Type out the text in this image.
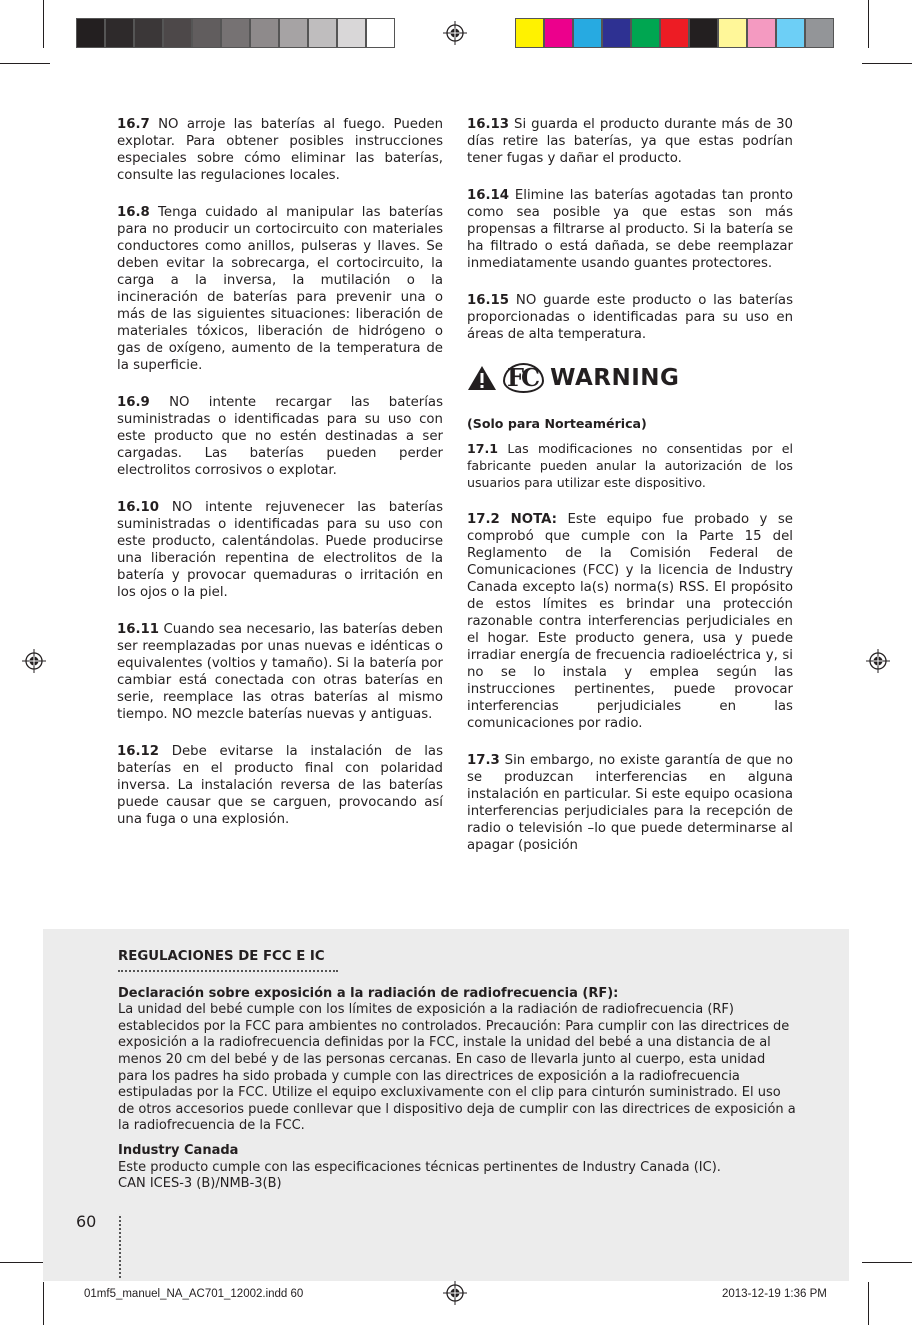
16.7 NO arroje las baterías al fuego. Pueden explotar. Para obtener posibles instrucciones especiales sobre cómo eliminar las baterías, consulte las regulaciones locales.

16.8 Tenga cuidado al manipular las baterías para no producir un cortocircuito con materiales conductores como anillos, pulseras y llaves. Se deben evitar la sobrecarga, el cortocircuito, la carga a la inversa, la mutilación o la incineración de baterías para prevenir una o más de las siguientes situaciones: liberación de materiales tóxicos, liberación de hidrógeno o gas de oxígeno, aumento de la temperatura de la superficie.

16.9 NO intente recargar las baterías suministradas o identificadas para su uso con este producto que no estén destinadas a ser cargadas. Las baterías pueden perder electrolitos corrosivos o explotar.

16.10 NO intente rejuvenecer las baterías suministradas o identificadas para su uso con este producto, calentándolas. Puede producirse una liberación repentina de electrolitos de la batería y provocar quemaduras o irritación en los ojos o la piel.

16.11 Cuando sea necesario, las baterías deben ser reemplazadas por unas nuevas e idénticas o equivalentes (voltios y tamaño). Si la batería por cambiar está conectada con otras baterías en serie, reemplace las otras baterías al mismo tiempo. NO mezcle baterías nuevas y antiguas.

16.12 Debe evitarse la instalación de las baterías en el producto final con polaridad inversa. La instalación reversa de las baterías puede causar que se carguen, provocando así una fuga o una explosión.

16.13 Si guarda el producto durante más de 30 días retire las baterías, ya que estas podrían tener fugas y dañar el producto.

16.14 Elimine las baterías agotadas tan pronto como sea posible ya que estas son más propensas a filtrarse al producto. Si la batería se ha filtrado o está dañada, se debe reemplazar inmediatamente usando guantes protectores.

16.15 NO guarde este producto o las baterías proporcionadas o identificadas para su uso en áreas de alta temperatura.

FC WARNING

(Solo para Norteamérica)

17.1 Las modificaciones no consentidas por el fabricante pueden anular la autorización de los usuarios para utilizar este dispositivo.

17.2 NOTA: Este equipo fue probado y se comprobó que cumple con la Parte 15 del Reglamento de la Comisión Federal de Comunicaciones (FCC) y la licencia de Industry Canada excepto la(s) norma(s) RSS. El propósito de estos límites es brindar una protección razonable contra interferencias perjudiciales en el hogar. Este producto genera, usa y puede irradiar energía de frecuencia radioeléctrica y, si no se lo instala y emplea según las instrucciones pertinentes, puede provocar interferencias perjudiciales en las comunicaciones por radio.

17.3 Sin embargo, no existe garantía de que no se produzcan interferencias en alguna instalación en particular. Si este equipo ocasiona interferencias perjudiciales para la recepción de radio o televisión –lo que puede determinarse al apagar (posición

REGULACIONES DE FCC E IC

Declaración sobre exposición a la radiación de radiofrecuencia (RF):

La unidad del bebé cumple con los límites de exposición a la radiación de radiofrecuencia (RF) establecidos por la FCC para ambientes no controlados. Precaución: Para cumplir con las directrices de exposición a la radiofrecuencia definidas por la FCC, instale la unidad del bebé a una distancia de al menos 20 cm del bebé y de las personas cercanas. En caso de llevarla junto al cuerpo, esta unidad para los padres ha sido probada y cumple con las directrices de exposición a la radiofrecuencia estipuladas por la FCC. Utilize el equipo excluxivamente con el clip para cinturón suministrado. El uso de otros accesorios puede conllevar que l dispositivo deja de cumplir con las directrices de exposición a la radiofrecuencia de la FCC.

Industry Canada

Este producto cumple con las especificaciones técnicas pertinentes de Industry Canada (IC).
CAN ICES-3 (B)/NMB-3(B)

60
01mf5_manuel_NA_AC701_12002.indd 60	2013-12-19 1:36 PM
